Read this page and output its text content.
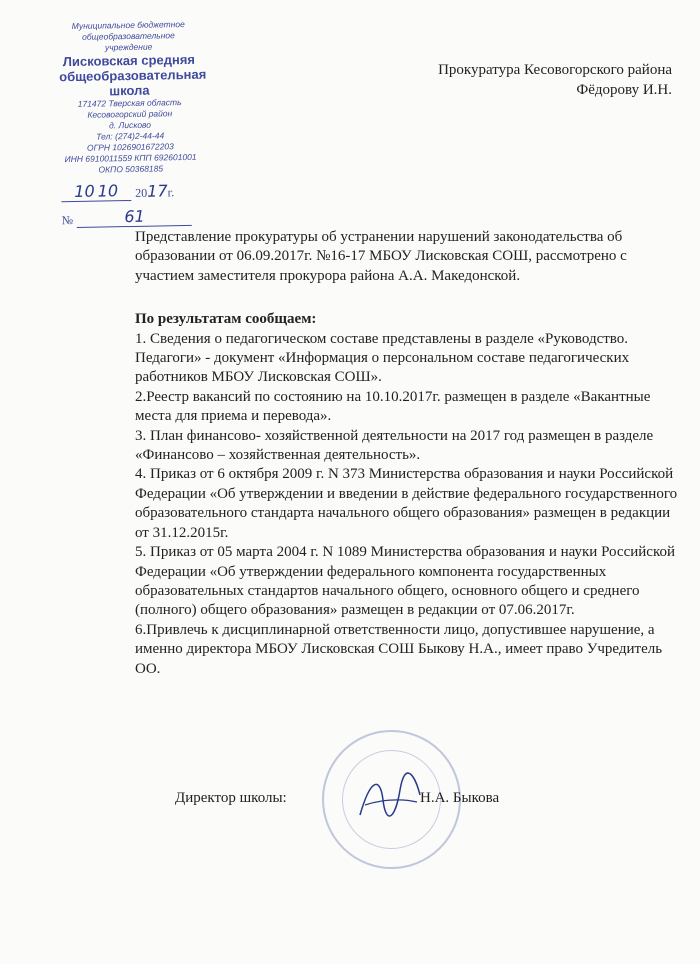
Муниципальное бюджетное
общеобразовательное учреждение
Лисковская средняя
общеобразовательная
школа
171472 Тверская область
Кесовогорский район
д. Лисково
Тел: (274)2-44-44
ОГРН 1026901672203
ИНН 6910011559 КПП 692601001
ОКПО 50368185
10 10	2017г.
№	61
Прокуратура Кесовогорского района
Фёдорову И.Н.

Представление прокуратуры об устранении нарушений законодательства об образовании от 06.09.2017г. №16-17 МБОУ Лисковская СОШ, рассмотрено с участием заместителя прокурора района А.А. Македонской.

По результатам сообщаем:

1. Сведения о педагогическом составе представлены в разделе «Руководство. Педагоги» - документ «Информация о персональном составе педагогических работников МБОУ Лисковская СОШ».

2.Реестр вакансий по состоянию на 10.10.2017г. размещен в разделе «Вакантные места для приема и перевода».

3. План финансово- хозяйственной деятельности на 2017 год размещен в разделе «Финансово – хозяйственная деятельность».

4. Приказ от 6 октября 2009 г. N 373 Министерства образования и науки Российской Федерации «Об утверждении и введении в действие федерального государственного образовательного стандарта начального общего образования» размещен в редакции от 31.12.2015г.

5. Приказ от 05 марта 2004 г. N 1089 Министерства образования и науки Российской Федерации «Об утверждении федерального компонента государственных образовательных стандартов начального общего, основного общего и среднего (полного) общего образования» размещен в редакции от 07.06.2017г.

6.Привлечь к дисциплинарной ответственности лицо, допустившее нарушение, а именно директора МБОУ Лисковская СОШ Быкову Н.А., имеет право Учредитель ОО.

Директор школы:	Н.А. Быкова
